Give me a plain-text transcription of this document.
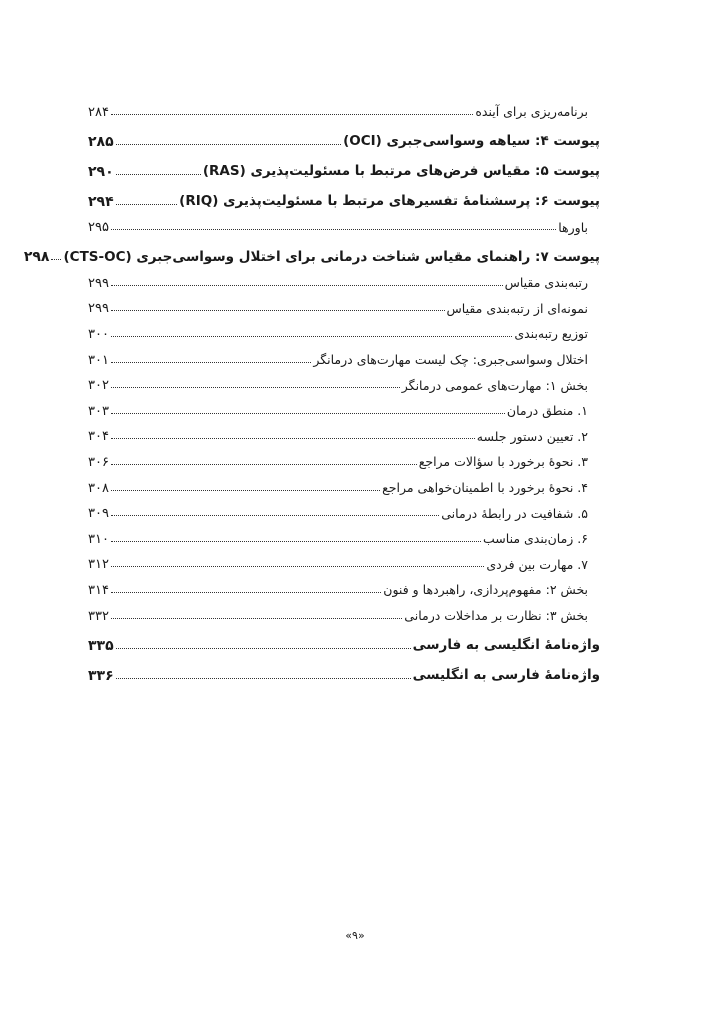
برنامه‌ریزی برای آینده
۲۸۴
پیوست ۴: سیاهه وسواسی‌جبری (OCI)
۲۸۵
پیوست ۵: مقیاس فرض‌های مرتبط با مسئولیت‌پذیری (RAS)
۲۹۰
پیوست ۶: پرسشنامهٔ تفسیرهای مرتبط با مسئولیت‌پذیری (RIQ)
۲۹۴
باورها
۲۹۵
پیوست ۷: راهنمای مقیاس شناخت درمانی برای اختلال وسواسی‌جبری (CTS-OC)
۲۹۸
رتبه‌بندی مقیاس
۲۹۹
نمونه‌ای از رتبه‌بندی مقیاس
۲۹۹
توزیع رتبه‌بندی
۳۰۰
اختلال وسواسی‌جبری: چک لیست مهارت‌های درمانگر
۳۰۱
بخش ۱: مهارت‌های عمومی درمانگر
۳۰۲
۱. منطق درمان
۳۰۳
۲. تعیین دستور جلسه
۳۰۴
۳. نحوهٔ برخورد با سؤالات مراجع
۳۰۶
۴. نحوهٔ برخورد با اطمینان‌خواهی مراجع
۳۰۸
۵. شفافیت در رابطهٔ درمانی
۳۰۹
۶. زمان‌بندی مناسب
۳۱۰
۷. مهارت بین فردی
۳۱۲
بخش ۲: مفهوم‌پردازی، راهبردها و فنون
۳۱۴
بخش ۳: نظارت بر مداخلات درمانی
۳۳۲
واژه‌نامهٔ انگلیسی به فارسی
۳۳۵
واژه‌نامهٔ فارسی به انگلیسی
۳۳۶
«۹»
